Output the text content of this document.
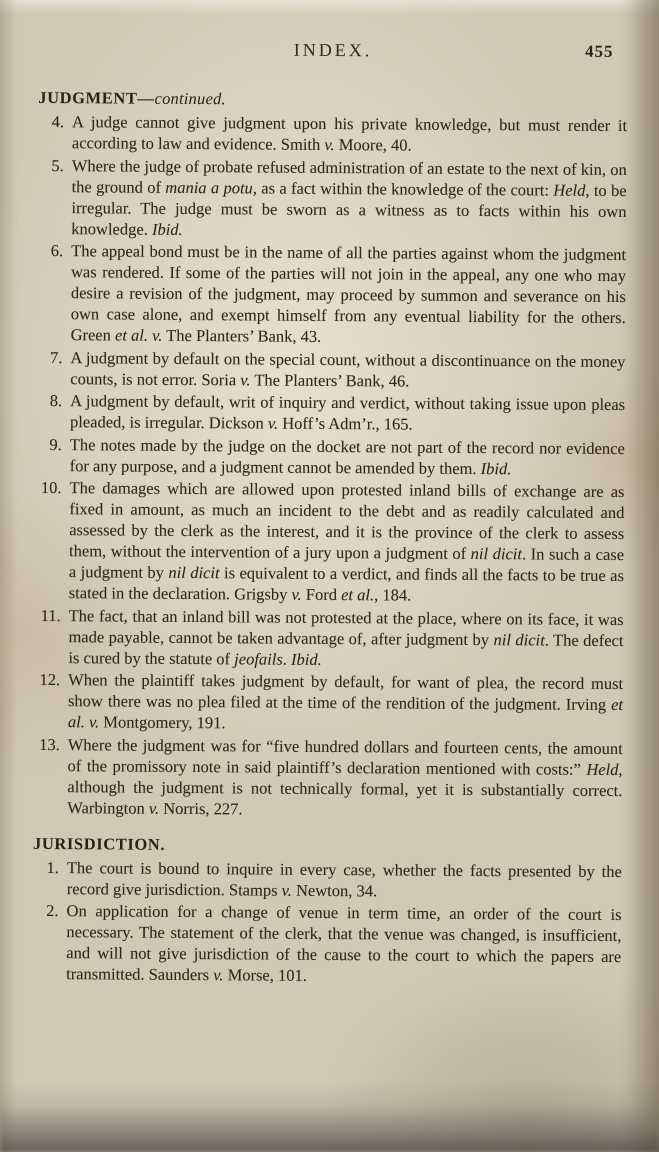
INDEX.	455
JUDGMENT—continued.
4. A judge cannot give judgment upon his private knowledge, but must render it according to law and evidence. Smith v. Moore, 40.
5. Where the judge of probate refused administration of an estate to the next of kin, on the ground of mania a potu, as a fact within the knowledge of the court: Held, to be irregular. The judge must be sworn as a witness as to facts within his own knowledge. Ibid.
6. The appeal bond must be in the name of all the parties against whom the judgment was rendered. If some of the parties will not join in the appeal, any one who may desire a revision of the judgment, may proceed by summon and severance on his own case alone, and exempt himself from any eventual liability for the others. Green et al. v. The Planters’ Bank, 43.
7. A judgment by default on the special count, without a discontinuance on the money counts, is not error. Soria v. The Planters’ Bank, 46.
8. A judgment by default, writ of inquiry and verdict, without taking issue upon pleas pleaded, is irregular. Dickson v. Hoff’s Adm’r., 165.
9. The notes made by the judge on the docket are not part of the record nor evidence for any purpose, and a judgment cannot be amended by them. Ibid.
10. The damages which are allowed upon protested inland bills of exchange are as fixed in amount, as much an incident to the debt and as readily calculated and assessed by the clerk as the interest, and it is the province of the clerk to assess them, without the intervention of a jury upon a judgment of nil dicit. In such a case a judgment by nil dicit is equivalent to a verdict, and finds all the facts to be true as stated in the declaration. Grigsby v. Ford et al., 184.
11. The fact, that an inland bill was not protested at the place, where on its face, it was made payable, cannot be taken advantage of, after judgment by nil dicit. The defect is cured by the statute of jeofails. Ibid.
12. When the plaintiff takes judgment by default, for want of plea, the record must show there was no plea filed at the time of the rendition of the judgment. Irving et al. v. Montgomery, 191.
13. Where the judgment was for “five hundred dollars and fourteen cents, the amount of the promissory note in said plaintiff’s declaration mentioned with costs:” Held, although the judgment is not technically formal, yet it is substantially correct. Warbington v. Norris, 227.
JURISDICTION.
1. The court is bound to inquire in every case, whether the facts presented by the record give jurisdiction. Stamps v. Newton, 34.
2. On application for a change of venue in term time, an order of the court is necessary. The statement of the clerk, that the venue was changed, is insufficient, and will not give jurisdiction of the cause to the court to which the papers are transmitted. Saunders v. Morse, 101.
